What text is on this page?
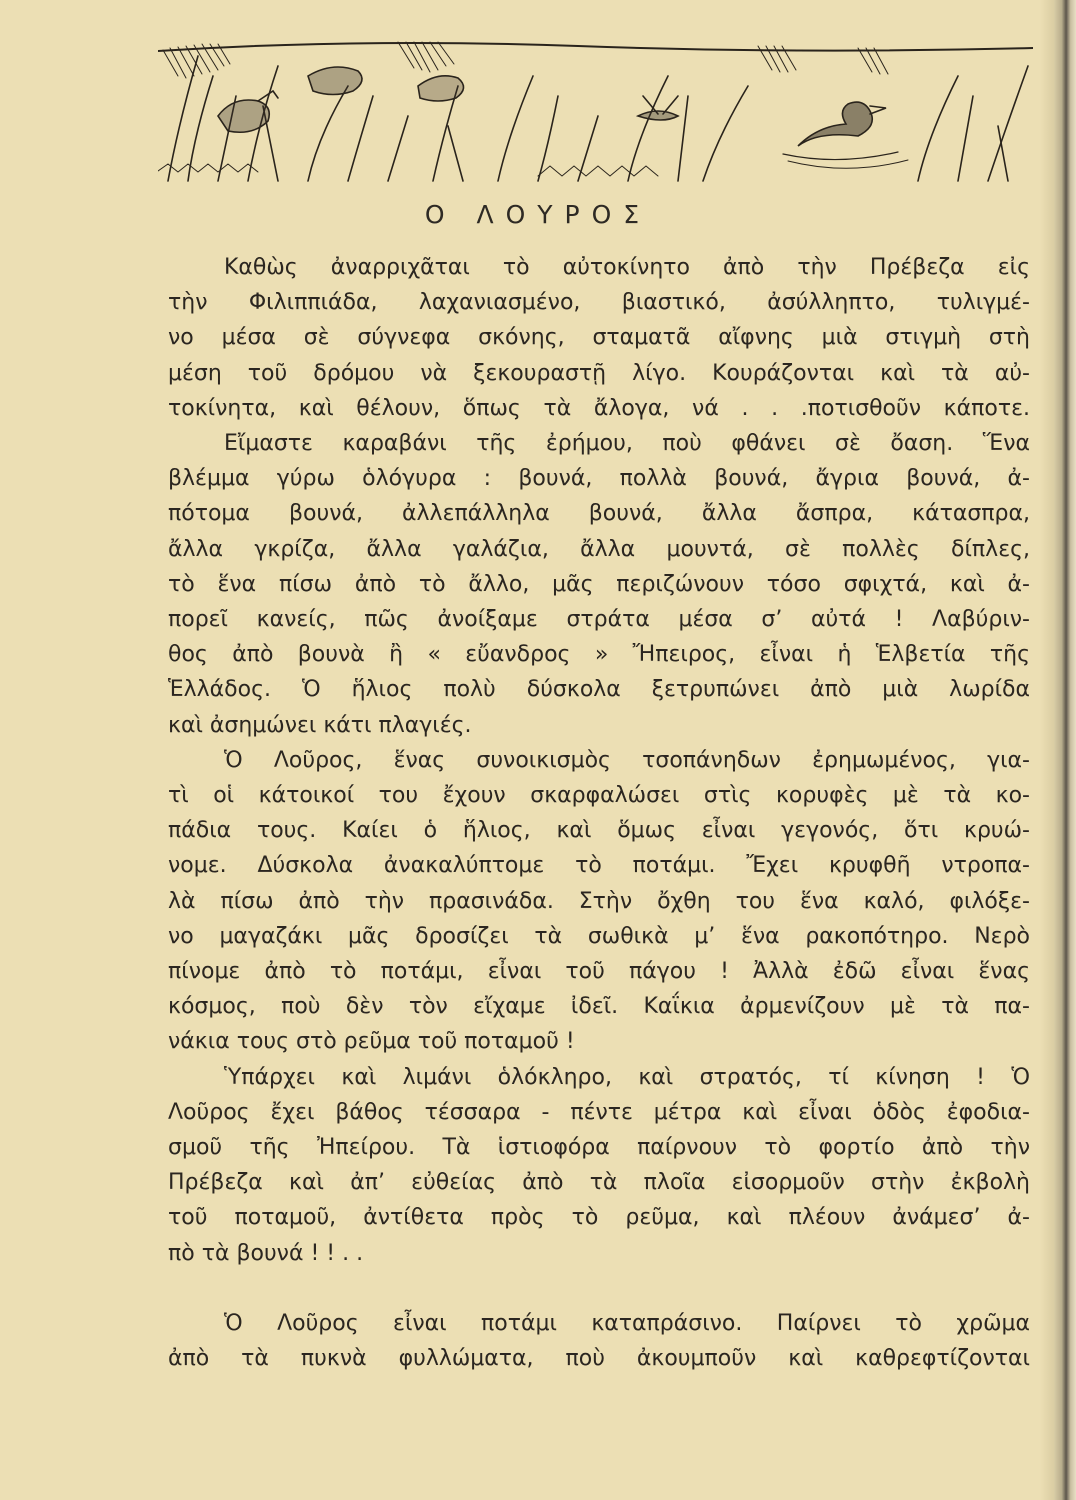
Ο ΛΟΥΡΟΣ

Καθὼς ἀναρριχᾶται τὸ αὐτοκίνητο ἀπὸ τὴν Πρέβεζα εἰς
τὴν Φιλιππιάδα, λαχανιασμένο, βιαστικό, ἀσύλληπτο, τυλιγμέ-
νο μέσα σὲ σύγνεφα σκόνης, σταματᾶ αἴφνης μιὰ στιγμὴ στὴ
μέση τοῦ δρόμου νὰ ξεκουραστῇ λίγο. Κουράζονται καὶ τὰ αὐ-
τοκίνητα, καὶ θέλουν, ὅπως τὰ ἄλογα, νά . . .ποτισθοῦν κάποτε.

Εἴμαστε καραβάνι τῆς ἐρήμου, ποὺ φθάνει σὲ ὄαση. Ἕνα
βλέμμα γύρω ὁλόγυρα : βουνά, πολλὰ βουνά, ἄγρια βουνά, ἀ-
πότομα βουνά, ἀλλεπάλληλα βουνά, ἄλλα ἄσπρα, κάτασπρα,
ἄλλα γκρίζα, ἄλλα γαλάζια, ἄλλα μουντά, σὲ πολλὲς δίπλες,
τὸ ἕνα πίσω ἀπὸ τὸ ἄλλο, μᾶς περιζώνουν τόσο σφιχτά, καὶ ἀ-
πορεῖ κανείς, πῶς ἀνοίξαμε στράτα μέσα σ’ αὐτά ! Λαβύριν-
θος ἀπὸ βουνὰ ἢ « εὔανδρος » Ἤπειρος, εἶναι ἡ Ἑλβετία τῆς
Ἑλλάδος. Ὁ ἥλιος πολὺ δύσκολα ξετρυπώνει ἀπὸ μιὰ λωρίδα
καὶ ἀσημώνει κάτι πλαγιές.

Ὁ Λοῦρος, ἕνας συνοικισμὸς τσοπάνηδων ἐρημωμένος, για-
τὶ οἱ κάτοικοί του ἔχουν σκαρφαλώσει στὶς κορυφὲς μὲ τὰ κο-
πάδια τους. Καίει ὁ ἥλιος, καὶ ὅμως εἶναι γεγονός, ὅτι κρυώ-
νομε. Δύσκολα ἀνακαλύπτομε τὸ ποτάμι. Ἔχει κρυφθῆ ντροπα-
λὰ πίσω ἀπὸ τὴν πρασινάδα. Στὴν ὄχθη του ἕνα καλό, φιλόξε-
νο μαγαζάκι μᾶς δροσίζει τὰ σωθικὰ μ’ ἕνα ρακοπότηρο. Νερὸ
πίνομε ἀπὸ τὸ ποτάμι, εἶναι τοῦ πάγου ! Ἀλλὰ ἐδῶ εἶναι ἕνας
κόσμος, ποὺ δὲν τὸν εἴχαμε ἰδεῖ. Καΐκια ἀρμενίζουν μὲ τὰ πα-
νάκια τους στὸ ρεῦμα τοῦ ποταμοῦ !

Ὑπάρχει καὶ λιμάνι ὁλόκληρο, καὶ στρατός, τί κίνηση ! Ὁ
Λοῦρος ἔχει βάθος τέσσαρα - πέντε μέτρα καὶ εἶναι ὁδὸς ἐφοδια-
σμοῦ τῆς Ἠπείρου. Τὰ ἱστιοφόρα παίρνουν τὸ φορτίο ἀπὸ τὴν
Πρέβεζα καὶ ἀπ’ εὐθείας ἀπὸ τὰ πλοῖα εἰσορμοῦν στὴν ἐκβολὴ
τοῦ ποταμοῦ, ἀντίθετα πρὸς τὸ ρεῦμα, καὶ πλέουν ἀνάμεσ’ ἀ-
πὸ τὰ βουνά ! ! . .

Ὁ Λοῦρος εἶναι ποτάμι καταπράσινο. Παίρνει τὸ χρῶμα
ἀπὸ τὰ πυκνὰ φυλλώματα, ποὺ ἀκουμποῦν καὶ καθρεφτίζονται
